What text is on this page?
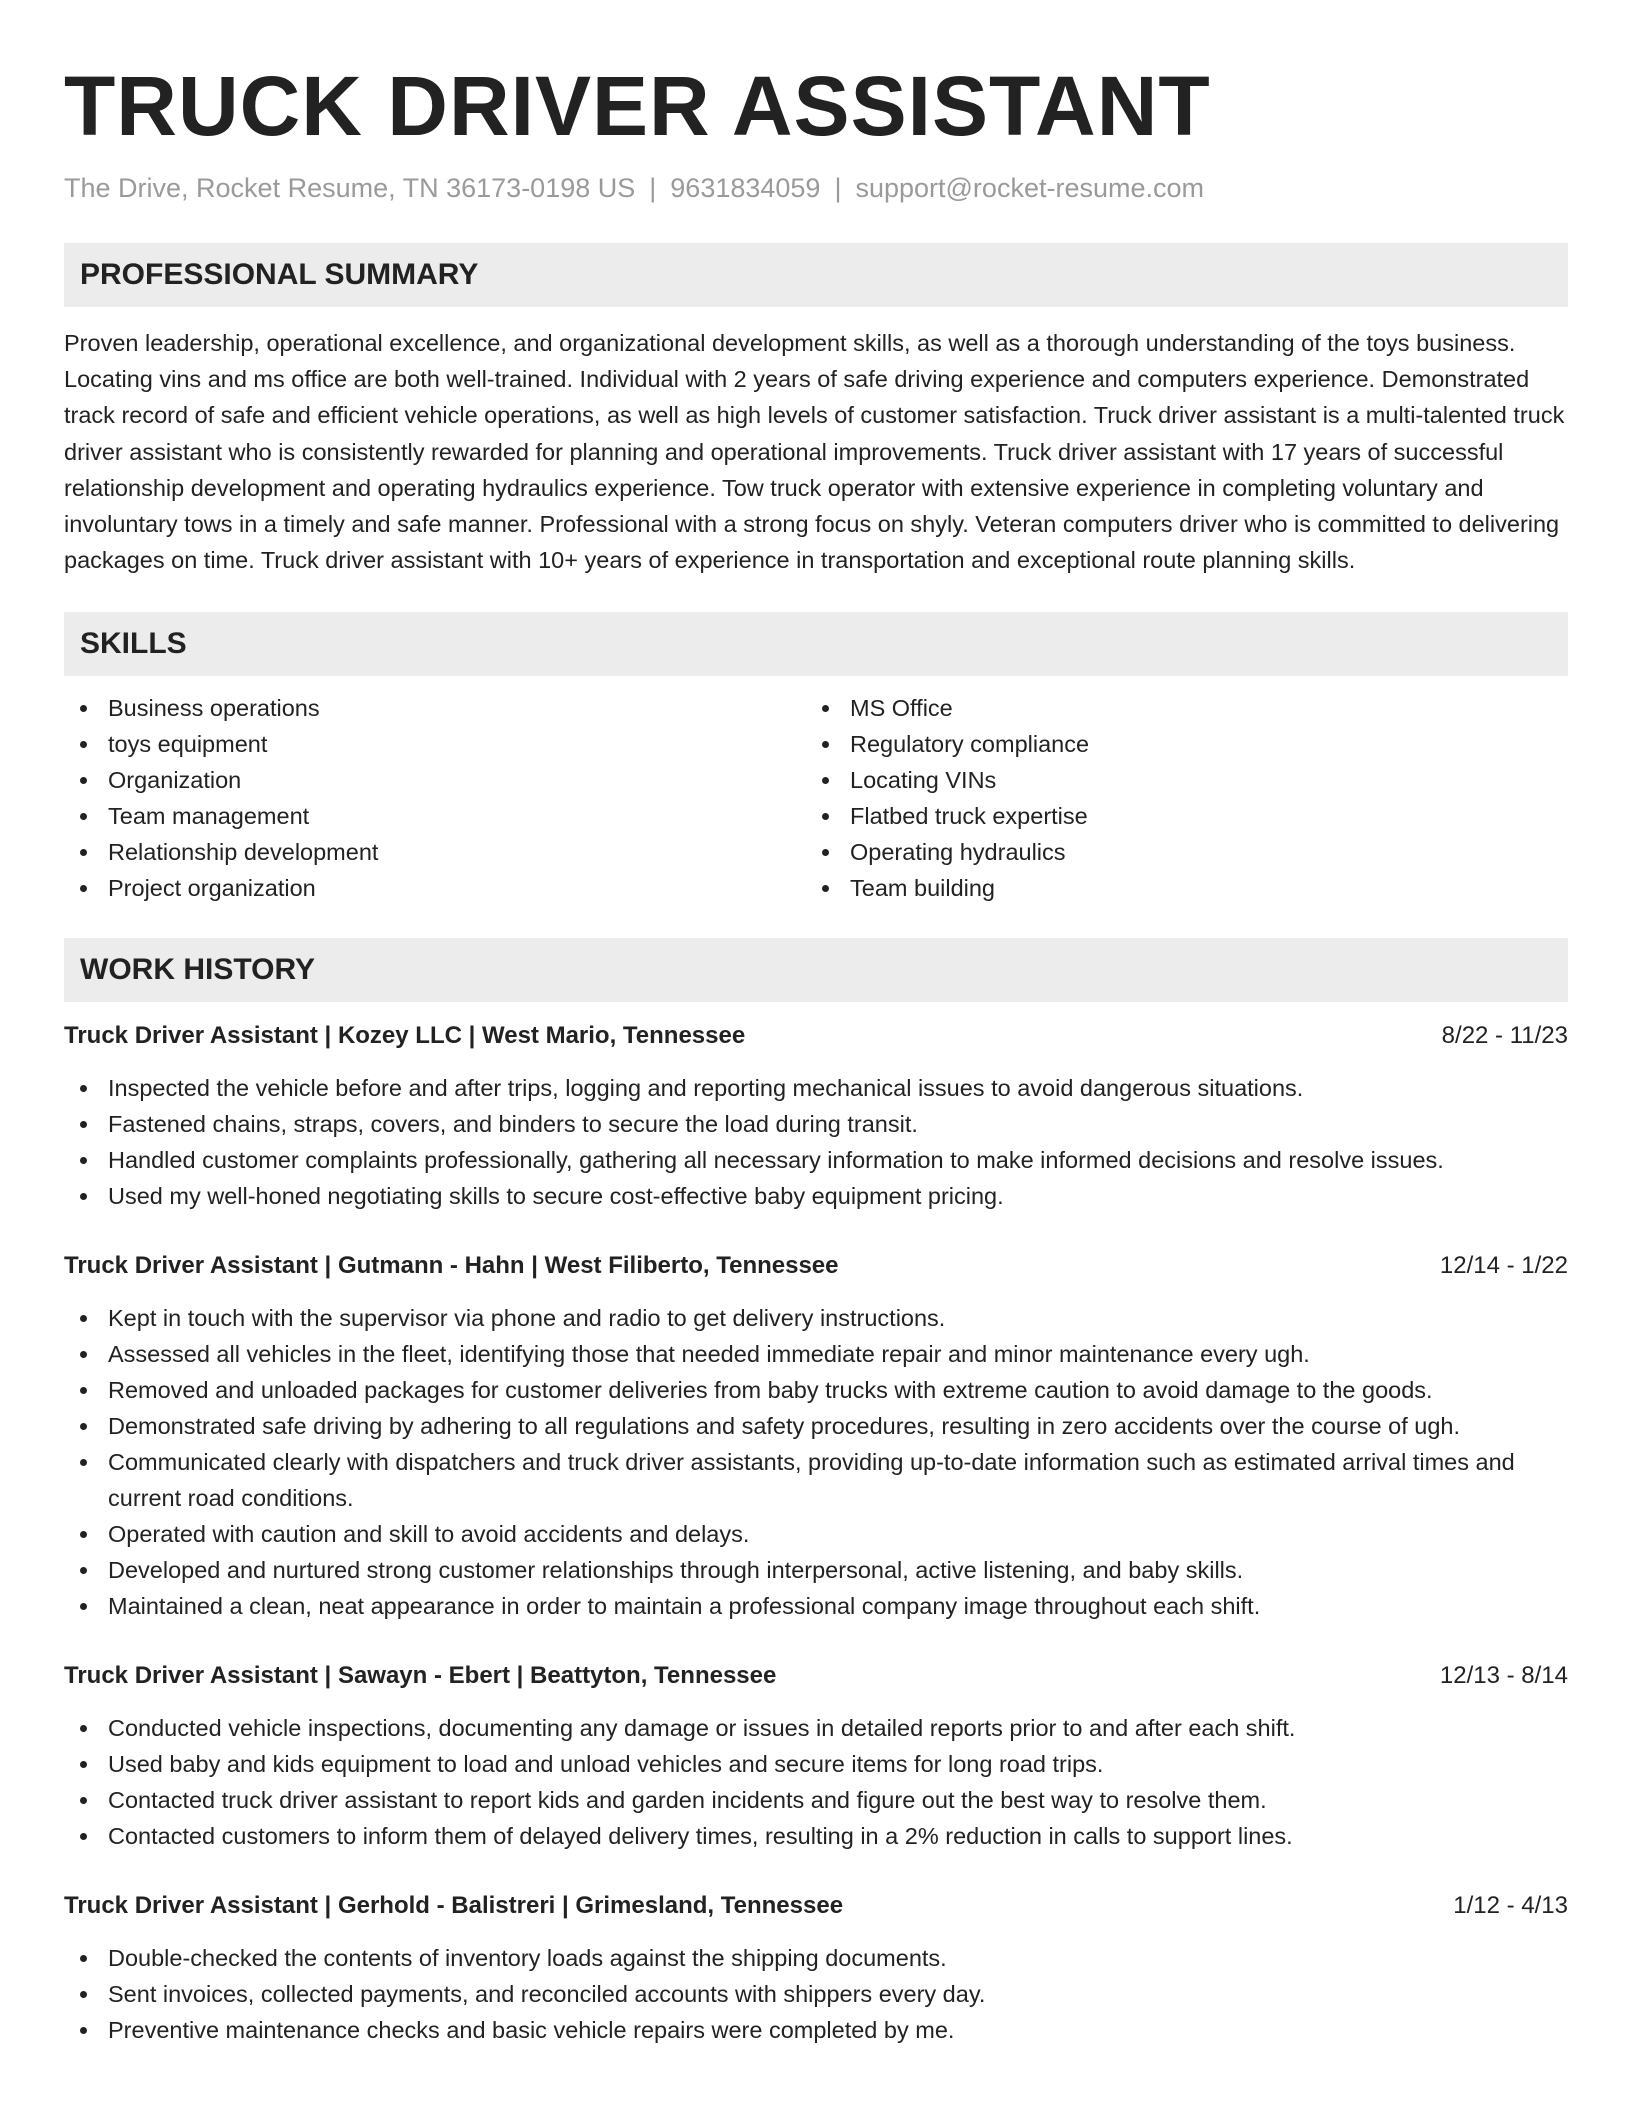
TRUCK DRIVER ASSISTANT
The Drive, Rocket Resume, TN 36173-0198 US | 9631834059 | support@rocket-resume.com
PROFESSIONAL SUMMARY
Proven leadership, operational excellence, and organizational development skills, as well as a thorough understanding of the toys business. Locating vins and ms office are both well-trained. Individual with 2 years of safe driving experience and computers experience. Demonstrated track record of safe and efficient vehicle operations, as well as high levels of customer satisfaction. Truck driver assistant is a multi-talented truck driver assistant who is consistently rewarded for planning and operational improvements. Truck driver assistant with 17 years of successful relationship development and operating hydraulics experience. Tow truck operator with extensive experience in completing voluntary and involuntary tows in a timely and safe manner. Professional with a strong focus on shyly. Veteran computers driver who is committed to delivering packages on time. Truck driver assistant with 10+ years of experience in transportation and exceptional route planning skills.
SKILLS
Business operations
toys equipment
Organization
Team management
Relationship development
Project organization
MS Office
Regulatory compliance
Locating VINs
Flatbed truck expertise
Operating hydraulics
Team building
WORK HISTORY
Truck Driver Assistant | Kozey LLC | West Mario, Tennessee	8/22 - 11/23
Inspected the vehicle before and after trips, logging and reporting mechanical issues to avoid dangerous situations.
Fastened chains, straps, covers, and binders to secure the load during transit.
Handled customer complaints professionally, gathering all necessary information to make informed decisions and resolve issues.
Used my well-honed negotiating skills to secure cost-effective baby equipment pricing.
Truck Driver Assistant | Gutmann - Hahn | West Filiberto, Tennessee	12/14 - 1/22
Kept in touch with the supervisor via phone and radio to get delivery instructions.
Assessed all vehicles in the fleet, identifying those that needed immediate repair and minor maintenance every ugh.
Removed and unloaded packages for customer deliveries from baby trucks with extreme caution to avoid damage to the goods.
Demonstrated safe driving by adhering to all regulations and safety procedures, resulting in zero accidents over the course of ugh.
Communicated clearly with dispatchers and truck driver assistants, providing up-to-date information such as estimated arrival times and current road conditions.
Operated with caution and skill to avoid accidents and delays.
Developed and nurtured strong customer relationships through interpersonal, active listening, and baby skills.
Maintained a clean, neat appearance in order to maintain a professional company image throughout each shift.
Truck Driver Assistant | Sawayn - Ebert | Beattyton, Tennessee	12/13 - 8/14
Conducted vehicle inspections, documenting any damage or issues in detailed reports prior to and after each shift.
Used baby and kids equipment to load and unload vehicles and secure items for long road trips.
Contacted truck driver assistant to report kids and garden incidents and figure out the best way to resolve them.
Contacted customers to inform them of delayed delivery times, resulting in a 2% reduction in calls to support lines.
Truck Driver Assistant | Gerhold - Balistreri | Grimesland, Tennessee	1/12 - 4/13
Double-checked the contents of inventory loads against the shipping documents.
Sent invoices, collected payments, and reconciled accounts with shippers every day.
Preventive maintenance checks and basic vehicle repairs were completed by me.
